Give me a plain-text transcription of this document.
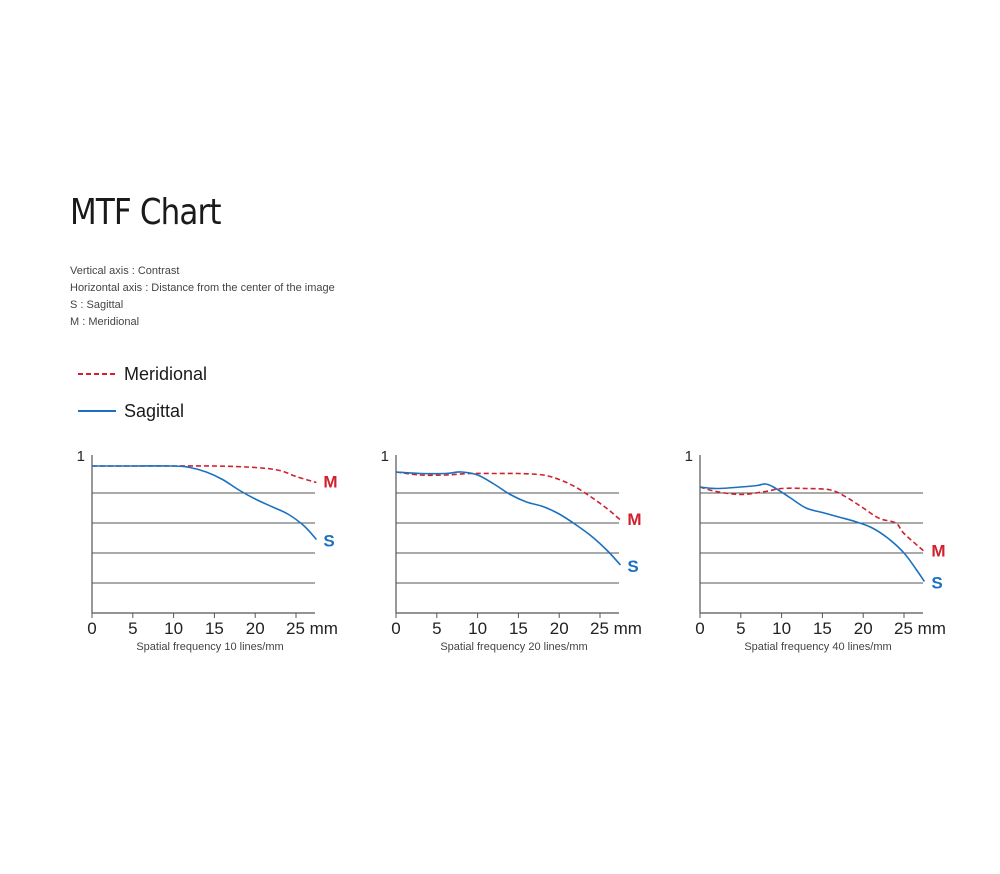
MTF Chart
Vertical axis : Contrast
Horizontal axis : Distance from the center of the image
S : Sagittal
M : Meridional
Meridional
Sagittal
0 5 10 15 20 25 mm
1
Spatial frequency 10 lines/mm
M
S
0 5 10 15 20 25 mm
1
Spatial frequency 20 lines/mm
M
S
0 5 10 15 20 25 mm
1
Spatial frequency 40 lines/mm
M
S
